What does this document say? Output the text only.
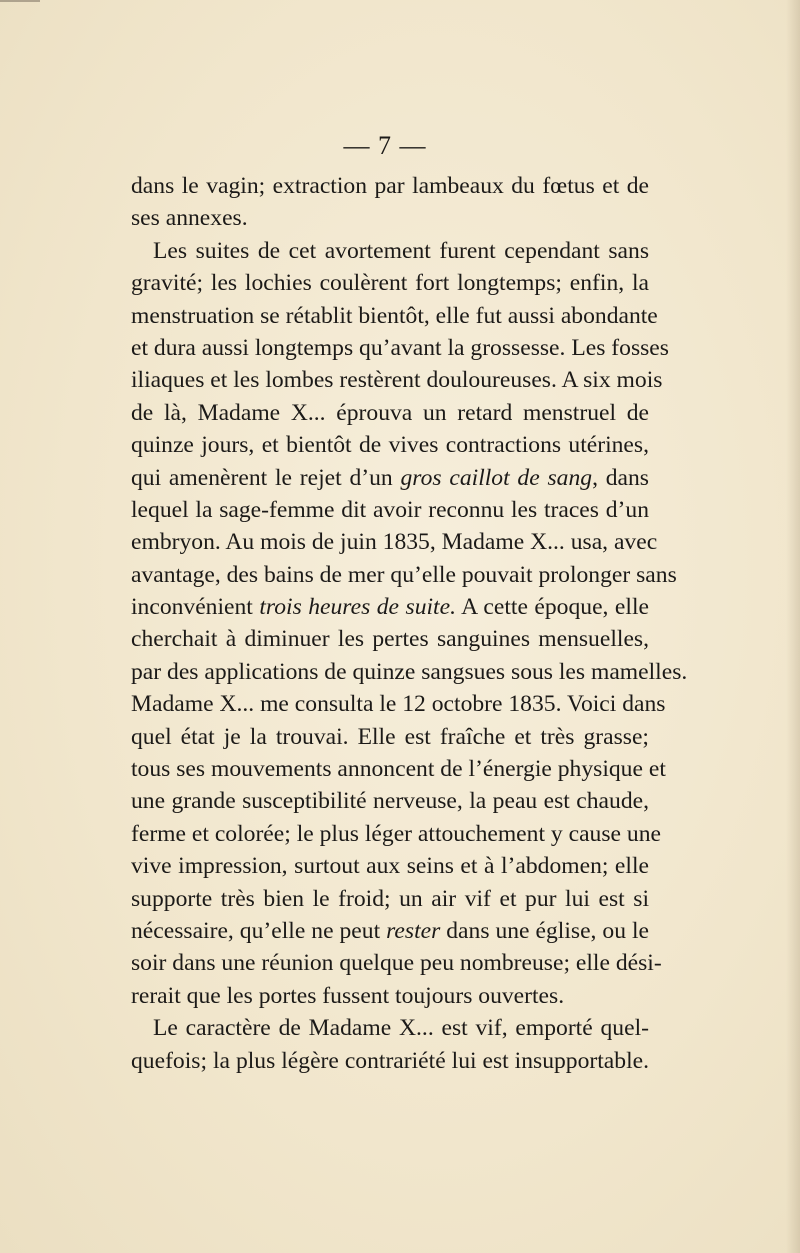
— 7 —
dans le vagin; extraction par lambeaux du fœtus et de
ses annexes.
Les suites de cet avortement furent cependant sans
gravité; les lochies coulèrent fort longtemps; enfin, la
menstruation se rétablit bientôt, elle fut aussi abondante
et dura aussi longtemps qu’avant la grossesse. Les fosses
iliaques et les lombes restèrent douloureuses. A six mois
de là, Madame X... éprouva un retard menstruel de
quinze jours, et bientôt de vives contractions utérines,
qui amenèrent le rejet d’un gros caillot de sang, dans
lequel la sage-femme dit avoir reconnu les traces d’un
embryon. Au mois de juin 1835, Madame X... usa, avec
avantage, des bains de mer qu’elle pouvait prolonger sans
inconvénient trois heures de suite. A cette époque, elle
cherchait à diminuer les pertes sanguines mensuelles,
par des applications de quinze sangsues sous les mamelles.
Madame X... me consulta le 12 octobre 1835. Voici dans
quel état je la trouvai. Elle est fraîche et très grasse;
tous ses mouvements annoncent de l’énergie physique et
une grande susceptibilité nerveuse, la peau est chaude,
ferme et colorée; le plus léger attouchement y cause une
vive impression, surtout aux seins et à l’abdomen; elle
supporte très bien le froid; un air vif et pur lui est si
nécessaire, qu’elle ne peut rester dans une église, ou le
soir dans une réunion quelque peu nombreuse; elle dési-
rerait que les portes fussent toujours ouvertes.
Le caractère de Madame X... est vif, emporté quel-
quefois; la plus légère contrariété lui est insupportable.
